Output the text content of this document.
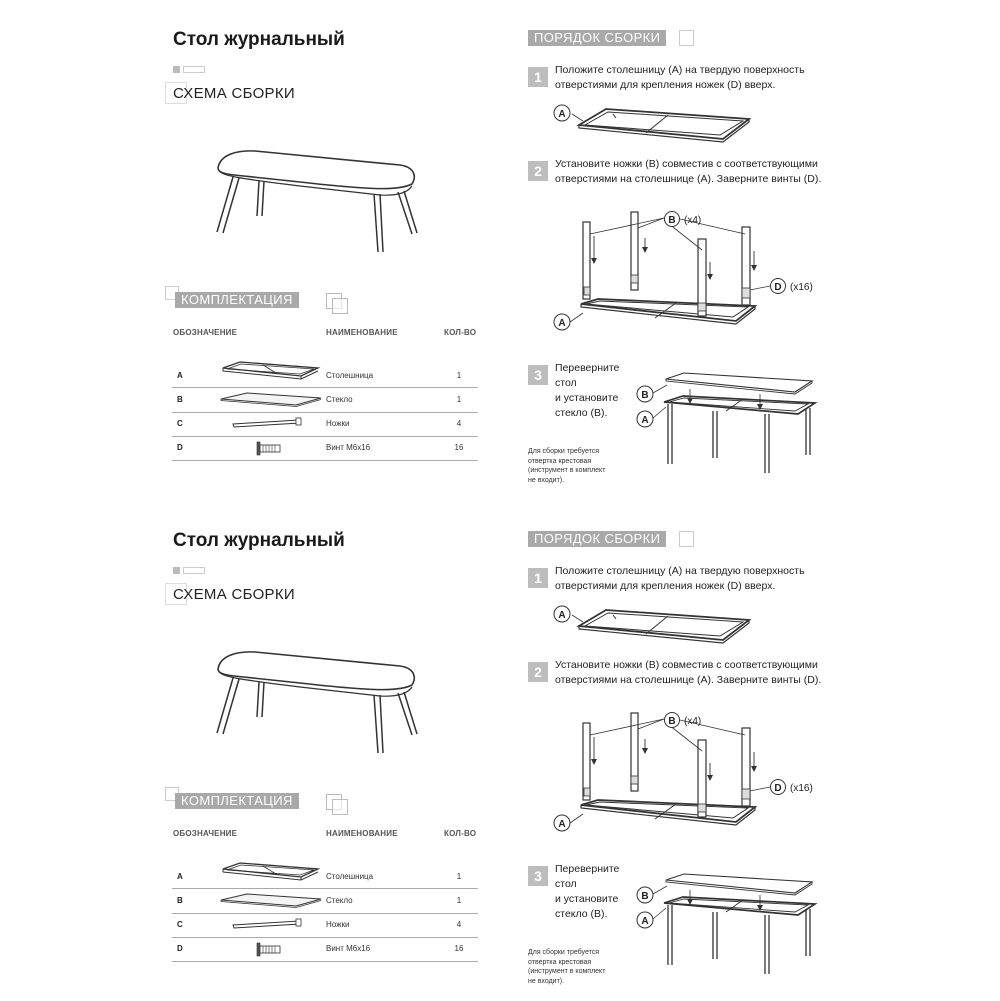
Стол журнальный
СХЕМА СБОРКИ
КОМПЛЕКТАЦИЯ
ОБОЗНАЧЕНИЕ	НАИМЕНОВАНИЕ	КОЛ-ВО
A	Столешница	1
B	Стекло	1
C	Ножки	4
D	Винт М6х16	16
ПОРЯДОК СБОРКИ
1	Положите столешницу (А) на твердую поверхность
отверстиями для крепления ножек (D) вверх.
2	Установите ножки (В) совместив с соответствующими
отверстиями на столешнице (А). Заверните винты (D).
3	Переверните стол
и установите
стекло (В).
Для сборки требуется
отвертка крестовая
(инструмент в комплект
не входит).
A
B (x4)
D (x16)
A
B
A
Стол журнальный
СХЕМА СБОРКИ
КОМПЛЕКТАЦИЯ
ОБОЗНАЧЕНИЕ	НАИМЕНОВАНИЕ	КОЛ-ВО
A	Столешница	1
B	Стекло	1
C	Ножки	4
D	Винт М6х16	16
ПОРЯДОК СБОРКИ
1	Положите столешницу (А) на твердую поверхность
отверстиями для крепления ножек (D) вверх.
2	Установите ножки (В) совместив с соответствующими
отверстиями на столешнице (А). Заверните винты (D).
3	Переверните стол
и установите
стекло (В).
Для сборки требуется
отвертка крестовая
(инструмент в комплект
не входит).
A
B (x4)
D (x16)
A
B
A
